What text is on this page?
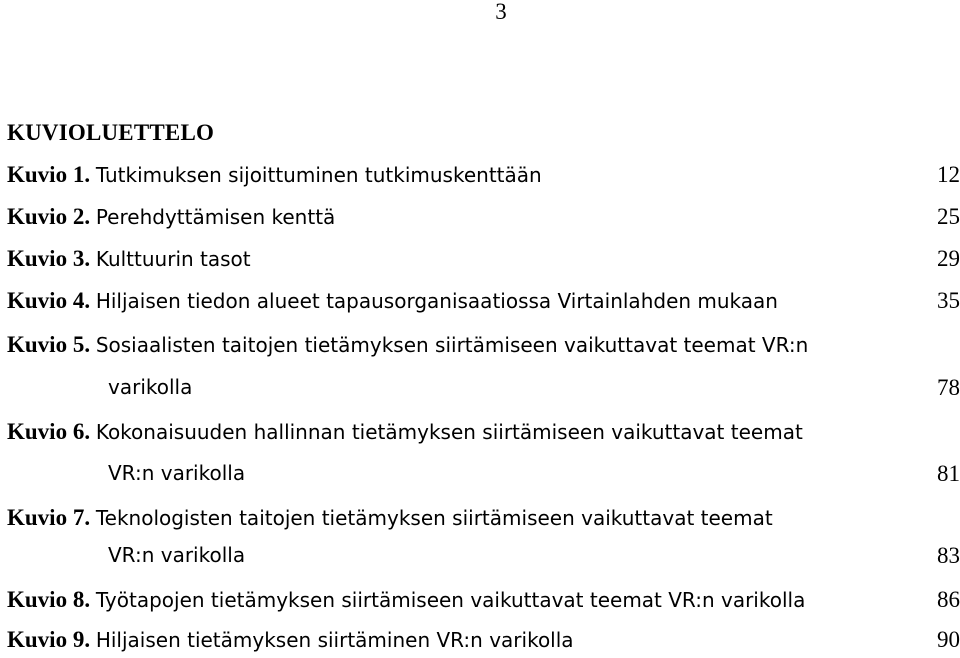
3
KUVIOLUETTELO
Kuvio 1. Tutkimuksen sijoittuminen tutkimuskenttään	12
Kuvio 2. Perehdyttämisen kenttä	25
Kuvio 3. Kulttuurin tasot	29
Kuvio 4. Hiljaisen tiedon alueet tapausorganisaatiossa Virtainlahden mukaan	35
Kuvio 5. Sosiaalisten taitojen tietämyksen siirtämiseen vaikuttavat teemat VR:n
varikolla	78
Kuvio 6. Kokonaisuuden hallinnan tietämyksen siirtämiseen vaikuttavat teemat
VR:n varikolla	81
Kuvio 7. Teknologisten taitojen tietämyksen siirtämiseen vaikuttavat teemat
VR:n varikolla	83
Kuvio 8. Työtapojen tietämyksen siirtämiseen vaikuttavat teemat VR:n varikolla	86
Kuvio 9. Hiljaisen tietämyksen siirtäminen VR:n varikolla	90
